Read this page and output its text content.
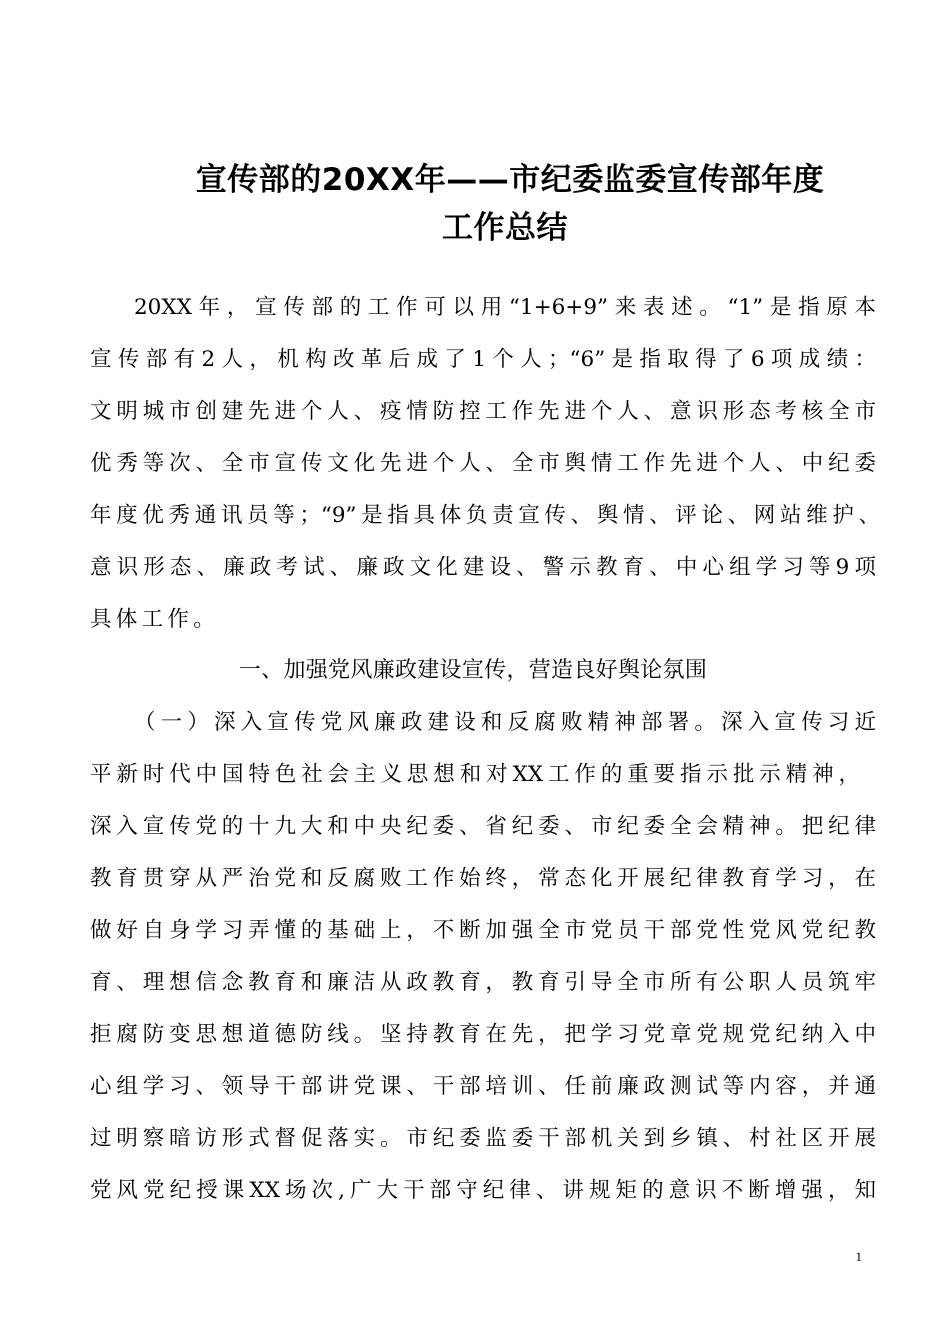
宣传部的20XX年——市纪委监委宣传部年度
工作总结
20XX年，宣传部的工作可以用“1+6+9”来表述。“1”是指原本
宣传部有2人，机构改革后成了1个人；“6”是指取得了6项成绩：
文明城市创建先进个人、疫情防控工作先进个人、意识形态考核全市
优秀等次、全市宣传文化先进个人、全市舆情工作先进个人、中纪委
年度优秀通讯员等；“9”是指具体负责宣传、舆情、评论、网站维护、
意识形态、廉政考试、廉政文化建设、警示教育、中心组学习等9项
具体工作。
一、加强党风廉政建设宣传，营造良好舆论氛围
（一）深入宣传党风廉政建设和反腐败精神部署。深入宣传习近
平新时代中国特色社会主义思想和对XX工作的重要指示批示精神，
深入宣传党的十九大和中央纪委、省纪委、市纪委全会精神。把纪律
教育贯穿从严治党和反腐败工作始终，常态化开展纪律教育学习，在
做好自身学习弄懂的基础上，不断加强全市党员干部党性党风党纪教
育、理想信念教育和廉洁从政教育，教育引导全市所有公职人员筑牢
拒腐防变思想道德防线。坚持教育在先，把学习党章党规党纪纳入中
心组学习、领导干部讲党课、干部培训、任前廉政测试等内容，并通
过明察暗访形式督促落实。市纪委监委干部机关到乡镇、村社区开展
党风党纪授课XX场次,广大干部守纪律、讲规矩的意识不断增强，知
1
